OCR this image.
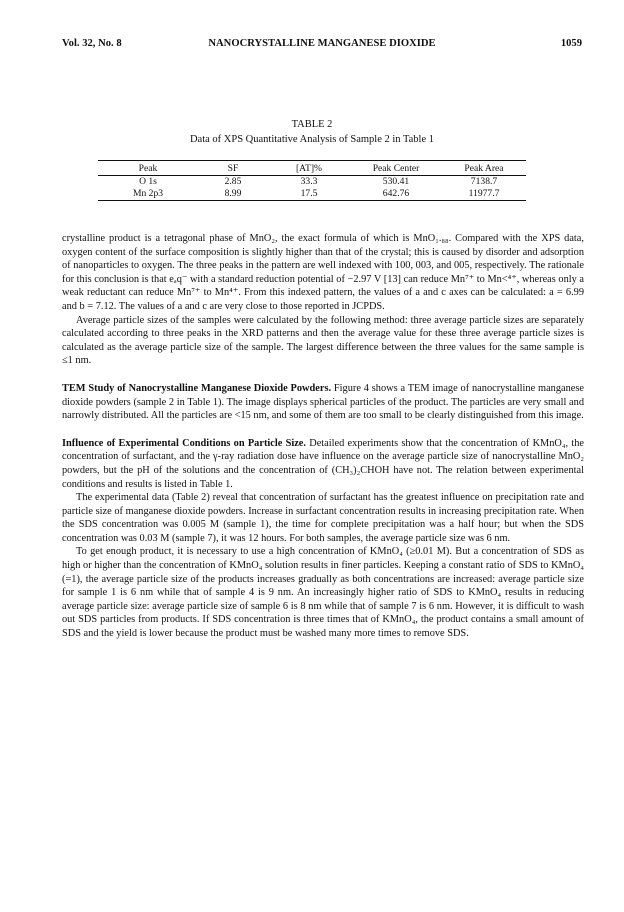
Vol. 32, No. 8	NANOCRYSTALLINE MANGANESE DIOXIDE	1059
TABLE 2
Data of XPS Quantitative Analysis of Sample 2 in Table 1
Peak	SF	[AT]%	Peak Center	Peak Area
O 1s	2.85	33.3	530.41	7138.7
Mn 2p3	8.99	17.5	642.76	11977.7

crystalline product is a tetragonal phase of MnO₂, the exact formula of which is MnO₁.₈₈. Compared with the XPS data, oxygen content of the surface composition is slightly higher than that of the crystal; this is caused by disorder and adsorption of nanoparticles to oxygen. The three peaks in the pattern are well indexed with 100, 003, and 005, respectively. The rationale for this conclusion is that eₐq⁻ with a standard reduction potential of −2.97 V [13] can reduce Mn⁷⁺ to Mn<⁴⁺, whereas only a weak reductant can reduce Mn⁷⁺ to Mn⁴⁺. From this indexed pattern, the values of a and c axes can be calculated: a = 6.99 and b = 7.12. The values of a and c are very close to those reported in JCPDS.

Average particle sizes of the samples were calculated by the following method: three average particle sizes are separately calculated according to three peaks in the XRD patterns and then the average value for these three average particle sizes is calculated as the average particle size of the sample. The largest difference between the three values for the same sample is ≤1 nm.

TEM Study of Nanocrystalline Manganese Dioxide Powders. Figure 4 shows a TEM image of nanocrystalline manganese dioxide powders (sample 2 in Table 1). The image displays spherical particles of the product. The particles are very small and narrowly distributed. All the particles are <15 nm, and some of them are too small to be clearly distinguished from this image.

Influence of Experimental Conditions on Particle Size. Detailed experiments show that the concentration of KMnO₄, the concentration of surfactant, and the γ-ray radiation dose have influence on the average particle size of nanocrystalline MnO₂ powders, but the pH of the solutions and the concentration of (CH₃)₂CHOH have not. The relation between experimental conditions and results is listed in Table 1.

The experimental data (Table 2) reveal that concentration of surfactant has the greatest influence on precipitation rate and particle size of manganese dioxide powders. Increase in surfactant concentration results in increasing precipitation rate. When the SDS concentration was 0.005 M (sample 1), the time for complete precipitation was a half hour; but when the SDS concentration was 0.03 M (sample 7), it was 12 hours. For both samples, the average particle size was 6 nm.

To get enough product, it is necessary to use a high concentration of KMnO₄ (≥0.01 M). But a concentration of SDS as high or higher than the concentration of KMnO₄ solution results in finer particles. Keeping a constant ratio of SDS to KMnO₄ (=1), the average particle size of the products increases gradually as both concentrations are increased: average particle size for sample 1 is 6 nm while that of sample 4 is 9 nm. An increasingly higher ratio of SDS to KMnO₄ results in reducing average particle size: average particle size of sample 6 is 8 nm while that of sample 7 is 6 nm. However, it is difficult to wash out SDS particles from products. If SDS concentration is three times that of KMnO₄, the product contains a small amount of SDS and the yield is lower because the product must be washed many more times to remove SDS.
